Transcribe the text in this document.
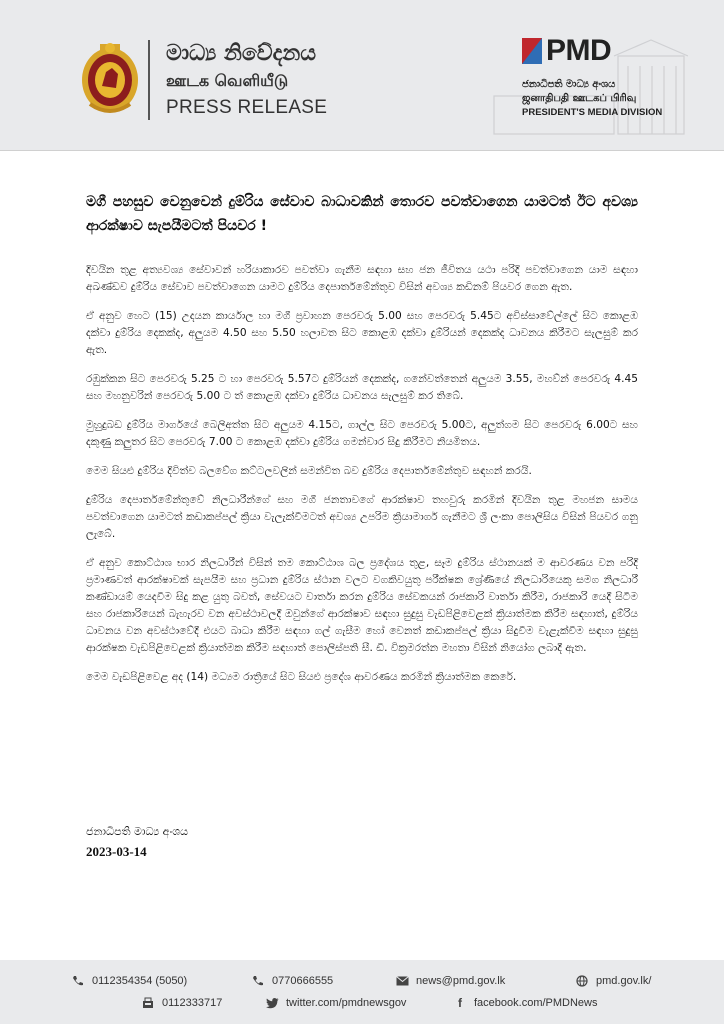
මාධ්‍ය නිවේදනය
ஊடக வெளியீடு
PRESS RELEASE
PMD
ජනාධිපති මාධ්‍ය අංශය
ஜனாதிபதி ஊடகப் பிரிவு
PRESIDENT'S MEDIA DIVISION
මගී පහසුව වෙනුවෙන් දුම්රිය සේවාව බාධාවකින් තොරව පවත්වාගෙන යාමටත් ඊට අවශ්‍ය ආරක්ෂාව සැපයීමටත් පියවර !

දිවයින තුළ අත්‍යවශ්‍ය සේවාවන් හරියාකාරව පවත්වා ගැනීම සඳහා සහ ජන ජීවිතය යථා පරිදි පවත්වාගෙන යාම සඳහා අඛණ්ඩව දුම්රිය සේවාව පවත්වාගෙන යාමට දුම්රිය දෙපාර්තමේන්තුව විසින් අවශ්‍ය කඩිනම් පියවර ගෙන ඇත.

ඒ අනුව හෙට (15) උදයන කාර්යාල හා මගී ප්‍රවාහන පෙරවරු 5.00 සහ පෙරවරු 5.45ට අවිස්සාවේල්ලේ සිට කොළඹ දක්වා දුම්රිය දෙකක්ද, අලුයම 4.50 සහ 5.50 හලාවත සිට කොළඹ දක්වා දුම්රියන් දෙකක්ද ධාවනය කිරීමට සැලසුම් කර ඇත.

රඹුක්කන සිට පෙරවරු 5.25 ට හා පෙරවරු 5.57ට දුම්රියන් දෙකක්ද, ගනේවත්තෙන් අලුයම 3.55, මහව්න් පෙරවරු 4.45 සහ මහනුවරින් පෙරවරු 5.00 ට ත් කොළඹ දක්වා දුම්රිය ධාවනය සැලසුම් කර තිබේ.

මුහුදුබඩ දුම්රිය මාර්ගයේ බෙලිඅත්ත සිට අලුයම 4.15ට, ගාල්ල සිට පෙරවරු 5.00ට, අලුත්ගම සිට පෙරවරු 6.00ට සහ දකුණු කලුතර සිට පෙරවරු 7.00 ට කොළඹ දක්වා දුම්රිය ගමන්වාර සිදු කිරීමට නියමිතය.

මෙම සියළු දුම්රිය දිවිත්ව බලවේග කට්ටලවලින් සමන්විත බව දුම්රිය දෙපාර්තමේන්තුව සඳහන් කරයි.

දුම්රිය දෙපාර්තමේන්තුවේ නිලධාරීන්ගේ සහ මගී ජනතාවගේ ආරක්ෂාව තහවුරු කරමින් දිවයින තුළ මහජන සාමය පවත්වාගෙන යාමටත් කඩාකප්පල් ක්‍රියා වැලැක්වීමටත් අවශ්‍ය උපරිම ක්‍රියාමාර්ග ගැනීමට ශ්‍රී ලංකා පොලිසිය විසින් පියවර ගනු ලැබේ.

ඒ අනුව කොට්ඨාශ භාර නිලධාරීන් විසින් තම කොට්ඨාශ බල ප්‍රදේශය තුළ, සෑම දුම්රිය ස්ථානයක් ම ආවරණය වන පරිදි ප්‍රමාණවත් ආරක්ෂාවක් සැපයීම සහ ප්‍රධාන දුම්රිය ස්ථාන වලට වගකිවයුතු පරීක්ෂක ශ්‍රේණියේ නිලධාරියෙකු සමග නිලධාරී කණ්ඩායම් යෙදවීම සිදු කළ යුතු බවත්, සේවයට වාර්තා කරන දුම්රිය සේවකයන් රාජකාරි වාර්තා කිරීම, රාජකාරි යෙදී සිටීම සහ රාජකාරියෙන් බැහැරව වන අවස්ථාවලදී ඔවුන්ගේ ආරක්ෂාව සඳහා සුදුසු වැඩපිළිවෙළක් ක්‍රියාත්මක කිරීම සඳහාත්, දුම්රිය ධාවනය වන අවස්ථාවේදී එයට බාධා කිරීම සඳහා ගල් ගැසීම හෝ වෙනත් කඩාකප්පල් ක්‍රියා සිදුවීම වැළැක්වීම සඳහා සුදුසු ආරක්ෂක වැඩපිළිවෙළක් ක්‍රියාත්මක කිරීම සඳහාත් පොලිස්පති සී. ඩී. වික්‍රමරත්න මහතා විසින් නියෝග ලබාදී ඇත.

මෙම වැඩපිළිවෙළ අද (14) මධ්‍යම රාත්‍රියේ සිට සියළු ප්‍රදේශ ආවරණය කරමින් ක්‍රියාත්මක කෙරේ.

ජනාධිපති මාධ්‍ය අංශය
2023-03-14
0112354354 (5050)	0770666555	news@pmd.gov.lk	pmd.gov.lk/
0112333717	twitter.com/pmdnewsgov	f	facebook.com/PMDNews
